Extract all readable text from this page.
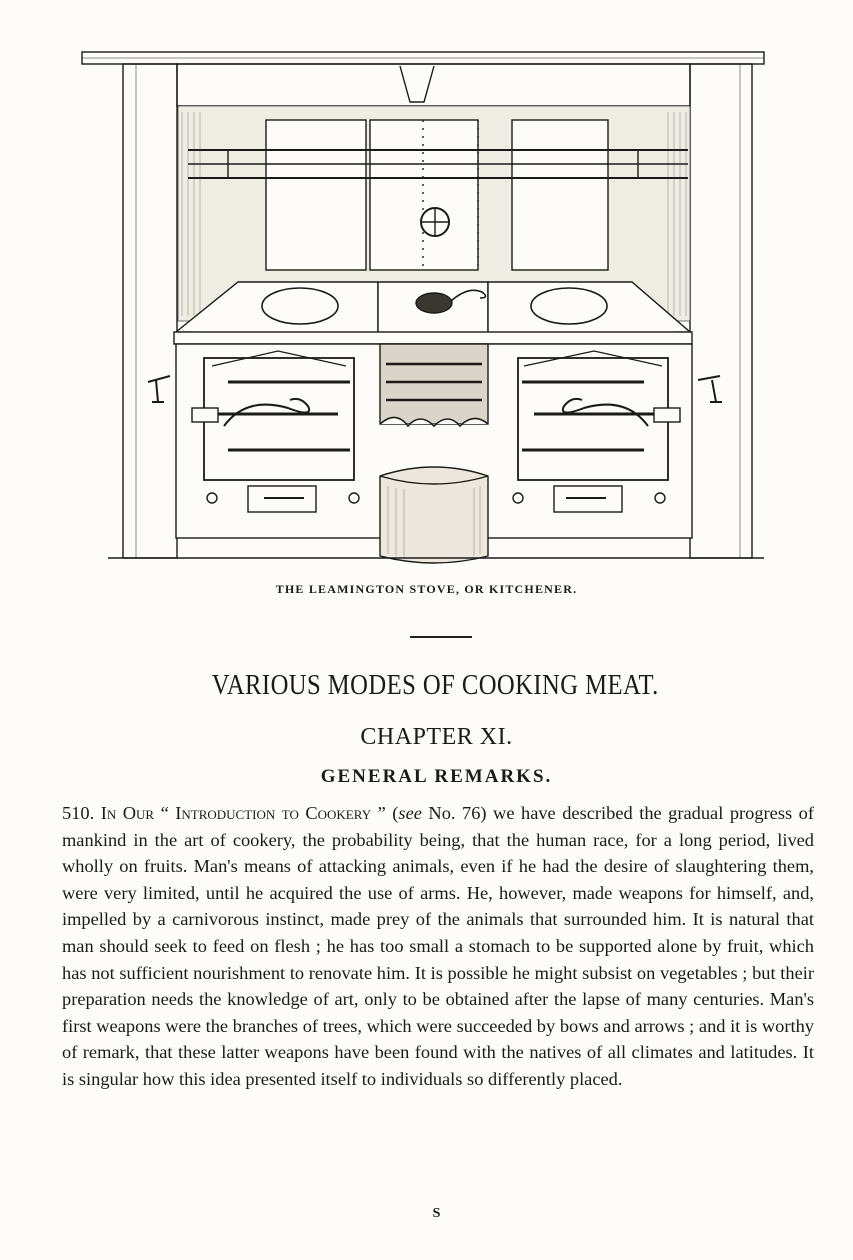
THE LEAMINGTON STOVE, OR KITCHENER.
VARIOUS MODES OF COOKING MEAT.
CHAPTER XI.
GENERAL REMARKS.
510. In Our “ Introduction to Cookery ” (see No. 76) we have described the gradual progress of mankind in the art of cookery, the probability being, that the human race, for a long period, lived wholly on fruits. Man's means of attacking animals, even if he had the desire of slaughtering them, were very limited, until he acquired the use of arms. He, however, made weapons for himself, and, impelled by a carnivorous instinct, made prey of the animals that surrounded him. It is natural that man should seek to feed on flesh ; he has too small a stomach to be supported alone by fruit, which has not sufficient nourishment to renovate him. It is possible he might subsist on vegetables ; but their preparation needs the knowledge of art, only to be obtained after the lapse of many centuries. Man's first weapons were the branches of trees, which were succeeded by bows and arrows ; and it is worthy of remark, that these latter weapons have been found with the natives of all climates and latitudes. It is singular how this idea presented itself to individuals so differently placed.
S
